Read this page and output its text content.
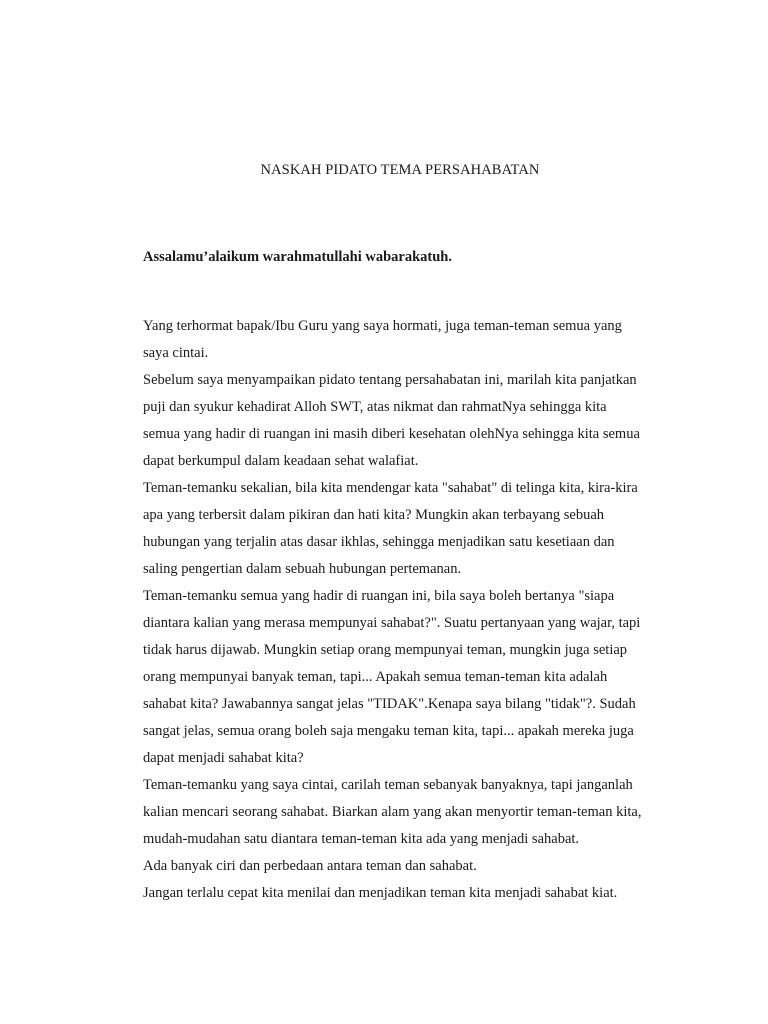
NASKAH PIDATO TEMA PERSAHABATAN

Assalamu’alaikum warahmatullahi wabarakatuh.

Yang terhormat bapak/Ibu Guru yang saya hormati, juga teman-teman semua yang
saya cintai.
Sebelum saya menyampaikan pidato tentang persahabatan ini, marilah kita panjatkan
puji dan syukur kehadirat Alloh SWT, atas nikmat dan rahmatNya sehingga kita
semua yang hadir di ruangan ini masih diberi kesehatan olehNya sehingga kita semua
dapat berkumpul dalam keadaan sehat walafiat.
Teman-temanku sekalian, bila kita mendengar kata "sahabat" di telinga kita, kira-kira
apa yang terbersit dalam pikiran dan hati kita? Mungkin akan terbayang sebuah
hubungan yang terjalin atas dasar ikhlas, sehingga menjadikan satu kesetiaan dan
saling pengertian dalam sebuah hubungan pertemanan.
Teman-temanku semua yang hadir di ruangan ini, bila saya boleh bertanya "siapa
diantara kalian yang merasa mempunyai sahabat?". Suatu pertanyaan yang wajar, tapi
tidak harus dijawab. Mungkin setiap orang mempunyai teman, mungkin juga setiap
orang mempunyai banyak teman, tapi... Apakah semua teman-teman kita adalah
sahabat kita? Jawabannya sangat jelas "TIDAK".Kenapa saya bilang "tidak"?. Sudah
sangat jelas, semua orang boleh saja mengaku teman kita, tapi... apakah mereka juga
dapat menjadi sahabat kita?
Teman-temanku yang saya cintai, carilah teman sebanyak banyaknya, tapi janganlah
kalian mencari seorang sahabat. Biarkan alam yang akan menyortir teman-teman kita,
mudah-mudahan satu diantara teman-teman kita ada yang menjadi sahabat.
Ada banyak ciri dan perbedaan antara teman dan sahabat.
Jangan terlalu cepat kita menilai dan menjadikan teman kita menjadi sahabat kiat.
